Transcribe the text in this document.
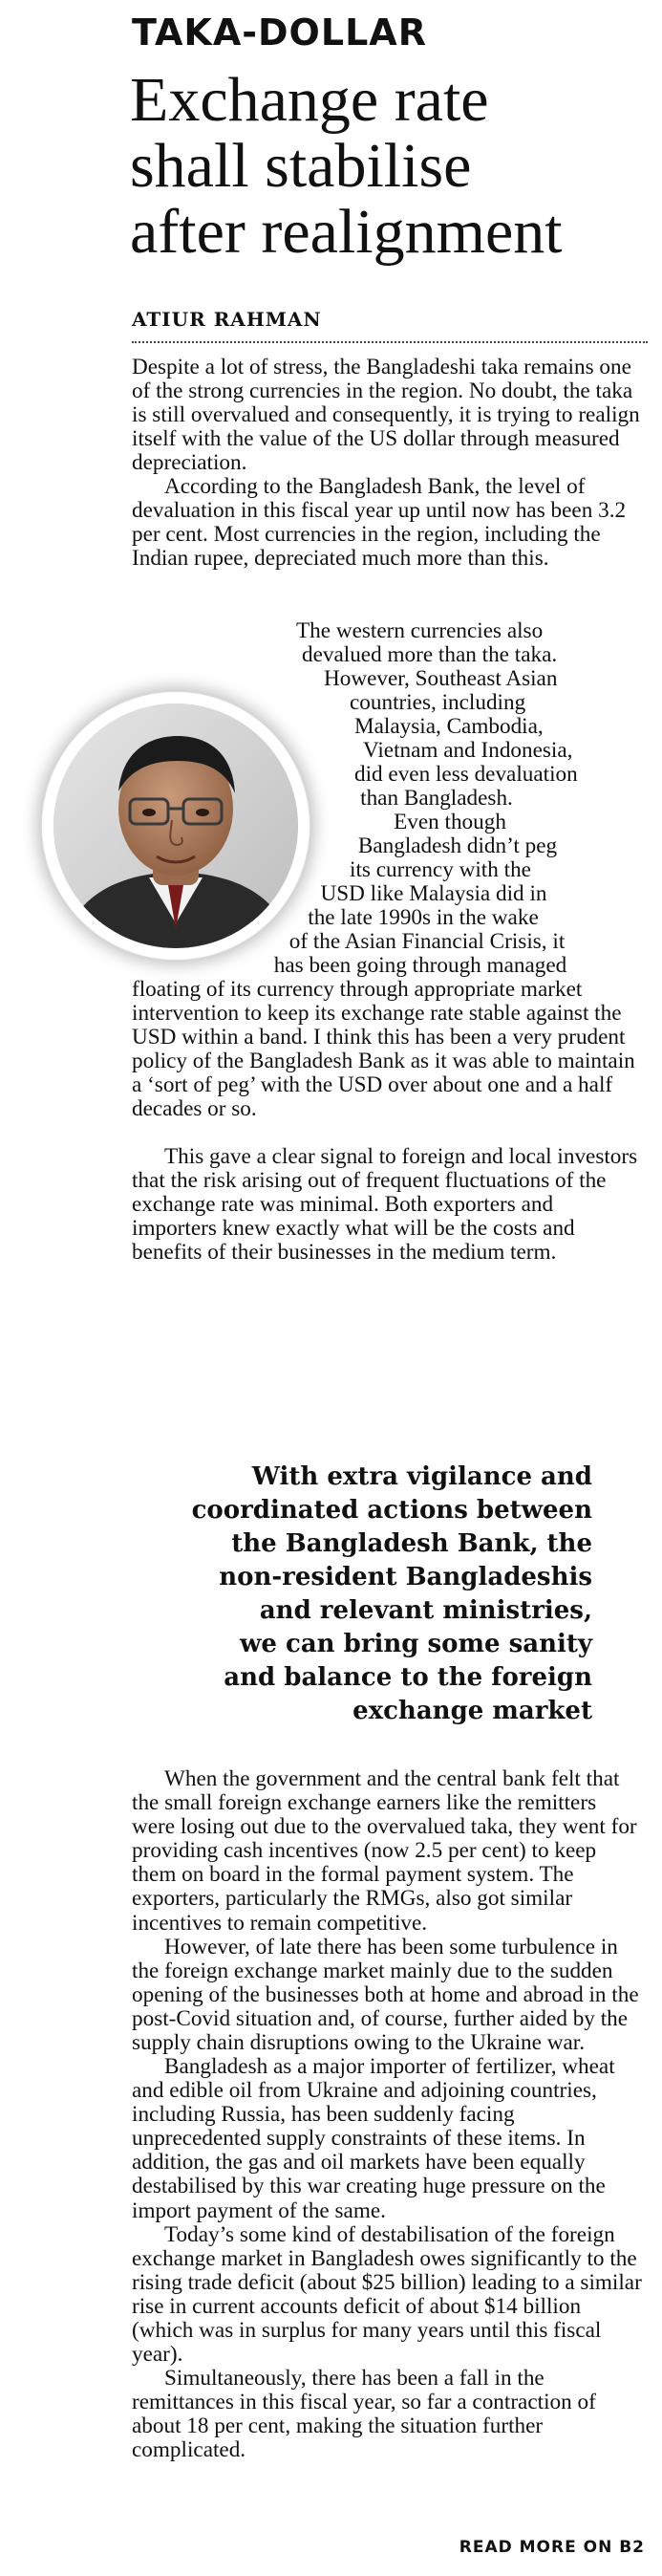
TAKA-DOLLAR
Exchange rate
shall stabilise
after realignment
ATIUR RAHMAN

Despite a lot of stress, the Bangladeshi taka remains one of the strong currencies in the region. No doubt, the taka is still overvalued and consequently, it is trying to realign itself with the value of the US dollar through measured depreciation.

According to the Bangladesh Bank, the level of devaluation in this fiscal year up until now has been 3.2 per cent. Most currencies in the region, including the Indian rupee, depreciated much more than this.

The western currencies also

devalued more than the taka.

However, Southeast Asian

countries, including

Malaysia, Cambodia,

Vietnam and Indonesia,

did even less devaluation

than Bangladesh.

Even though

Bangladesh didn’t peg

its currency with the

USD like Malaysia did in

the late 1990s in the wake

of the Asian Financial Crisis, it

has been going through managed

floating of its currency through appropriate market intervention to keep its exchange rate stable against the USD within a band. I think this has been a very prudent policy of the Bangladesh Bank as it was able to maintain a ‘sort of peg’ with the USD over about one and a half decades or so.

This gave a clear signal to foreign and local investors that the risk arising out of frequent fluctuations of the exchange rate was minimal. Both exporters and importers knew exactly what will be the costs and benefits of their businesses in the medium term.

With extra vigilance and
coordinated actions between
the Bangladesh Bank, the
non-resident Bangladeshis
and relevant ministries,
we can bring some sanity
and balance to the foreign
exchange market

When the government and the central bank felt that the small foreign exchange earners like the remitters were losing out due to the overvalued taka, they went for providing cash incentives (now 2.5 per cent) to keep them on board in the formal payment system. The exporters, particularly the RMGs, also got similar incentives to remain competitive.

However, of late there has been some turbulence in the foreign exchange market mainly due to the sudden opening of the businesses both at home and abroad in the post-Covid situation and, of course, further aided by the supply chain disruptions owing to the Ukraine war.

Bangladesh as a major importer of fertilizer, wheat and edible oil from Ukraine and adjoining countries, including Russia, has been suddenly facing unprecedented supply constraints of these items. In addition, the gas and oil markets have been equally destabilised by this war creating huge pressure on the import payment of the same.

Today’s some kind of destabilisation of the foreign exchange market in Bangladesh owes significantly to the rising trade deficit (about $25 billion) leading to a similar rise in current accounts deficit of about $14 billion (which was in surplus for many years until this fiscal year).

Simultaneously, there has been a fall in the remittances in this fiscal year, so far a contraction of about 18 per cent, making the situation further complicated.

READ MORE ON B2
